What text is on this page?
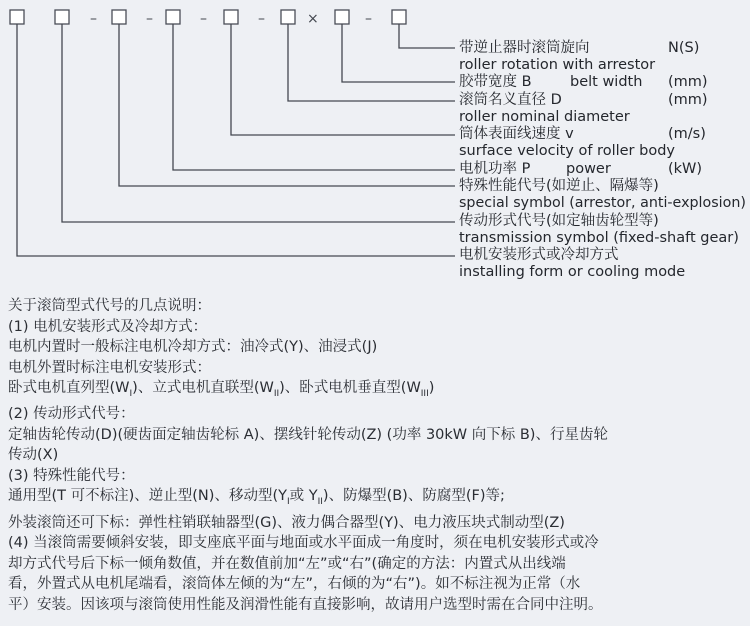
–	–	–	–	×	–
带逆止器时滚筒旋向	N(S)
roller rotation with arrestor
胶带宽度 B	belt width (mm)
滚筒名义直径 D	(mm)
roller nominal diameter
筒体表面线速度 v	(m/s)
surface velocity of roller body
电机功率 P power	(kW)
特殊性能代号(如逆止、隔爆等)
special symbol (arrestor, anti-explosion)
传动形式代号(如定轴齿轮型等)
transmission symbol (fixed-shaft gear)
电机安装形式或冷却方式
installing form or cooling mode
关于滚筒型式代号的几点说明：
(1) 电机安装形式及冷却方式：
电机内置时一般标注电机冷却方式：油冷式(Y)、油浸式(J)
电机外置时标注电机安装形式：
卧式电机直列型$(W_I)$、立式电机直联型$(W_{II})$、卧式电机垂直型$(W_{III})$
(2) 传动形式代号：
定轴齿轮传动(D)(硬齿面定轴齿轮标 A)、摆线针轮传动(Z) (功率 30kW 向下标 B)、行星齿轮
传动(X)
(3) 特殊性能代号：
通用型(T 可不标注)、逆止型(N)、移动型($Y_I$或 $Y_{II}$)、防爆型(B)、防腐型(F)等;
外装滚筒还可下标：弹性柱销联轴器型(G)、液力偶合器型(Y)、电力液压块式制动型(Z)
(4) 当滚筒需要倾斜安装，即支座底平面与地面或水平面成一角度时，须在电机安装形式或冷
却方式代号后下标一倾角数值，并在数值前加“左”或“右”(确定的方法：内置式从出线端
看，外置式从电机尾端看，滚筒体左倾的为“左”，右倾的为“右”)。如不标注视为正常（水
平）安装。因该项与滚筒使用性能及润滑性能有直接影响，故请用户选型时需在合同中注明。
